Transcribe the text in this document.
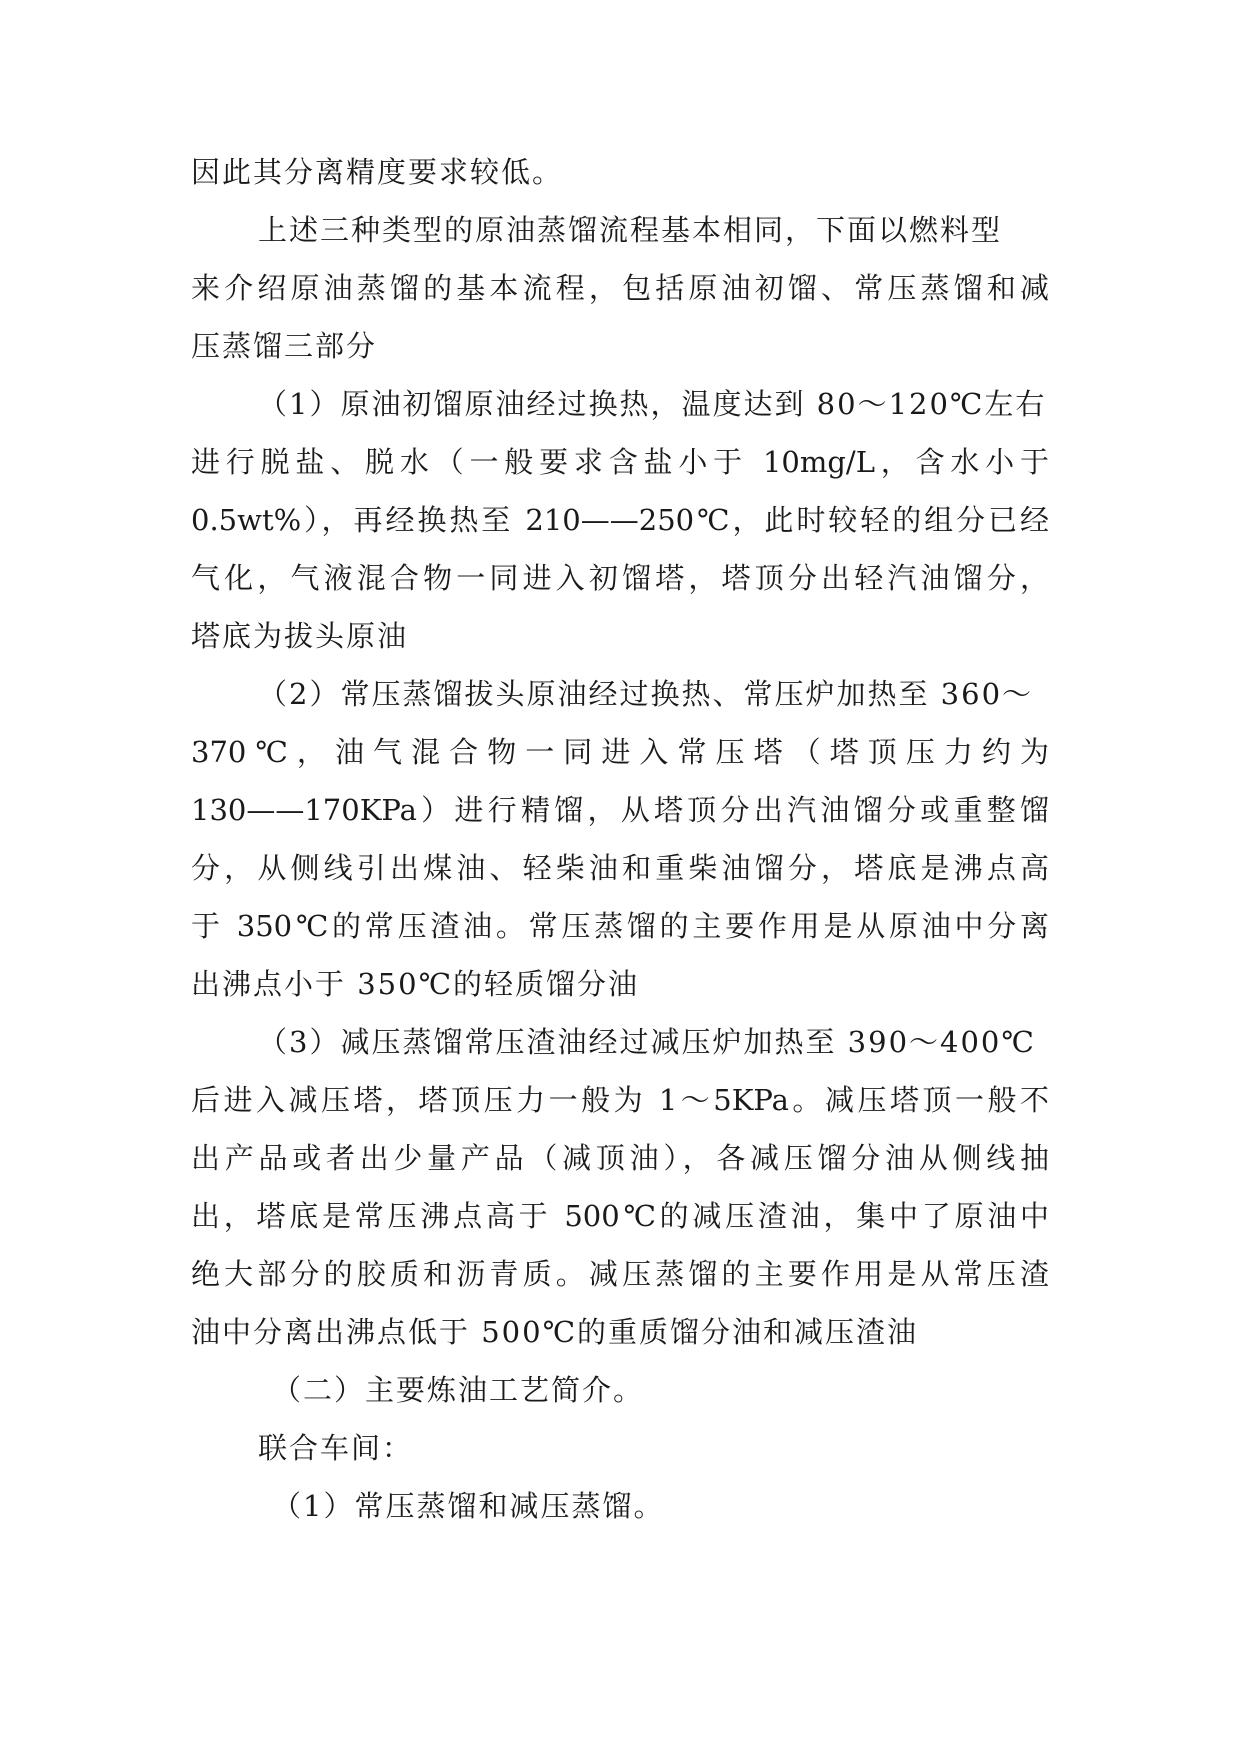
因此其分离精度要求较低。
上述三种类型的原油蒸馏流程基本相同，下面以燃料型
来介绍原油蒸馏的基本流程，包括原油初馏、常压蒸馏和减
压蒸馏三部分
（1）原油初馏原油经过换热，温度达到 80～120℃左右
进行脱盐、脱水（一般要求含盐小于 10mg/L，含水小于
0.5wt%），再经换热至 210——250℃，此时较轻的组分已经
气化，气液混合物一同进入初馏塔，塔顶分出轻汽油馏分，
塔底为拔头原油
（2）常压蒸馏拔头原油经过换热、常压炉加热至 360～
370℃，油气混合物一同进入常压塔（塔顶压力约为
130——170KPa）进行精馏，从塔顶分出汽油馏分或重整馏
分，从侧线引出煤油、轻柴油和重柴油馏分，塔底是沸点高
于 350℃的常压渣油。常压蒸馏的主要作用是从原油中分离
出沸点小于 350℃的轻质馏分油
（3）减压蒸馏常压渣油经过减压炉加热至 390～400℃
后进入减压塔，塔顶压力一般为 1～5KPa。减压塔顶一般不
出产品或者出少量产品（减顶油），各减压馏分油从侧线抽
出，塔底是常压沸点高于 500℃的减压渣油，集中了原油中
绝大部分的胶质和沥青质。减压蒸馏的主要作用是从常压渣
油中分离出沸点低于 500℃的重质馏分油和减压渣油
（二）主要炼油工艺简介。
联合车间：
（1）常压蒸馏和减压蒸馏。
